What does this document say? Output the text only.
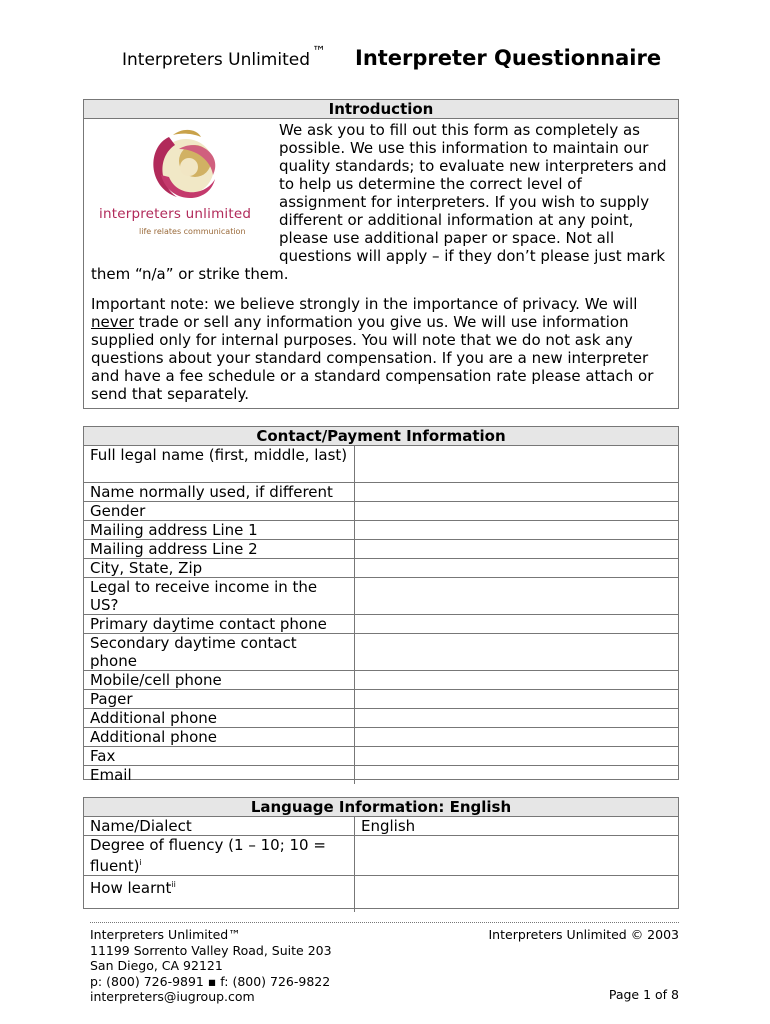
Interpreters Unlimited ™ Interpreter Questionnaire
Introduction
interpreters unlimited
life relates communication
We ask you to fill out this form as completely as possible. We use this information to maintain our quality standards; to evaluate new interpreters and to help us determine the correct level of assignment for interpreters. If you wish to supply different or additional information at any point, please use additional paper or space. Not all questions will apply – if they don’t please just mark them “n/a” or strike them.
Important note: we believe strongly in the importance of privacy. We will never trade or sell any information you give us. We will use information supplied only for internal purposes. You will note that we do not ask any questions about your standard compensation. If you are a new interpreter and have a fee schedule or a standard compensation rate please attach or send that separately.
Contact/Payment Information
Full legal name (first, middle, last)	
Name normally used, if different	
Gender	
Mailing address Line 1	
Mailing address Line 2	
City, State, Zip	
Legal to receive income in the US?	
Primary daytime contact phone	
Secondary daytime contact phone	
Mobile/cell phone	
Pager	
Additional phone	
Additional phone	
Fax	
Email	
Language Information: English
Name/Dialect	English
Degree of fluency (1 – 10; 10 = fluent)$^i$	
How learnt$^{ii}$	
Interpreters Unlimited™
11199 Sorrento Valley Road, Suite 203
San Diego, CA 92121
p: (800) 726-9891 ▪ f: (800) 726-9822
interpreters@iugroup.com
Interpreters Unlimited © 2003
Page 1 of 8
